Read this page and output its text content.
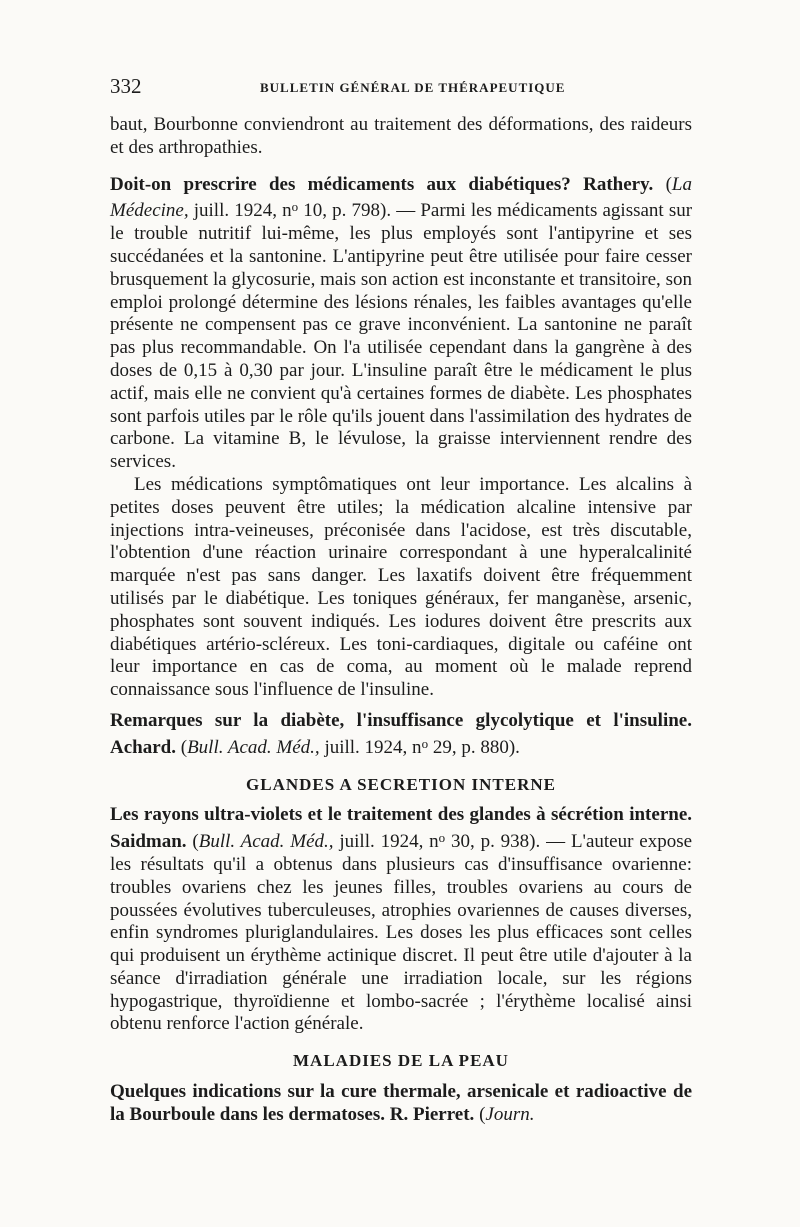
332	BULLETIN GÉNÉRAL DE THÉRAPEUTIQUE

baut, Bourbonne conviendront au traitement des déformations, des raideurs et des arthropathies.

Doit-on prescrire des médicaments aux diabétiques? Rathery. (La Médecine, juill. 1924, $n^o$ 10, p. 798). — Parmi les médicaments agissant sur le trouble nutritif lui-même, les plus employés sont l'antipyrine et ses succédanées et la santonine. L'antipyrine peut être utilisée pour faire cesser brusquement la glycosurie, mais son action est inconstante et transitoire, son emploi prolongé détermine des lésions rénales, les faibles avantages qu'elle présente ne compensent pas ce grave inconvénient. La santonine ne paraît pas plus recommandable. On l'a utilisée cependant dans la gangrène à des doses de 0,15 à 0,30 par jour. L'insuline paraît être le médicament le plus actif, mais elle ne convient qu'à certaines formes de diabète. Les phosphates sont parfois utiles par le rôle qu'ils jouent dans l'assimilation des hydrates de carbone. La vitamine B, le lévulose, la graisse interviennent rendre des services.

Les médications symptômatiques ont leur importance. Les alcalins à petites doses peuvent être utiles; la médication alcaline intensive par injections intra-veineuses, préconisée dans l'acidose, est très discutable, l'obtention d'une réaction urinaire correspondant à une hyperalcalinité marquée n'est pas sans danger. Les laxatifs doivent être fréquemment utilisés par le diabétique. Les toniques généraux, fer manganèse, arsenic, phosphates sont souvent indiqués. Les iodures doivent être prescrits aux diabétiques artério-scléreux. Les toni-cardiaques, digitale ou caféine ont leur importance en cas de coma, au moment où le malade reprend connaissance sous l'influence de l'insuline.

Remarques sur la diabète, l'insuffisance glycolytique et l'insuline. Achard. (Bull. Acad. Méd., juill. 1924, $n^o$ 29, p. 880).

GLANDES A SECRETION INTERNE

Les rayons ultra-violets et le traitement des glandes à sécrétion interne. Saidman. (Bull. Acad. Méd., juill. 1924, $n^o$ 30, p. 938). — L'auteur expose les résultats qu'il a obtenus dans plusieurs cas d'insuffisance ovarienne: troubles ovariens chez les jeunes filles, troubles ovariens au cours de poussées évolutives tuberculeuses, atrophies ovariennes de causes diverses, enfin syndromes pluriglandulaires. Les doses les plus efficaces sont celles qui produisent un érythème actinique discret. Il peut être utile d'ajouter à la séance d'irradiation générale une irradiation locale, sur les régions hypogastrique, thyroïdienne et lombo-sacrée ; l'érythème localisé ainsi obtenu renforce l'action générale.

MALADIES DE LA PEAU

Quelques indications sur la cure thermale, arsenicale et radioactive de la Bourboule dans les dermatoses. R. Pierret. (Journ.
